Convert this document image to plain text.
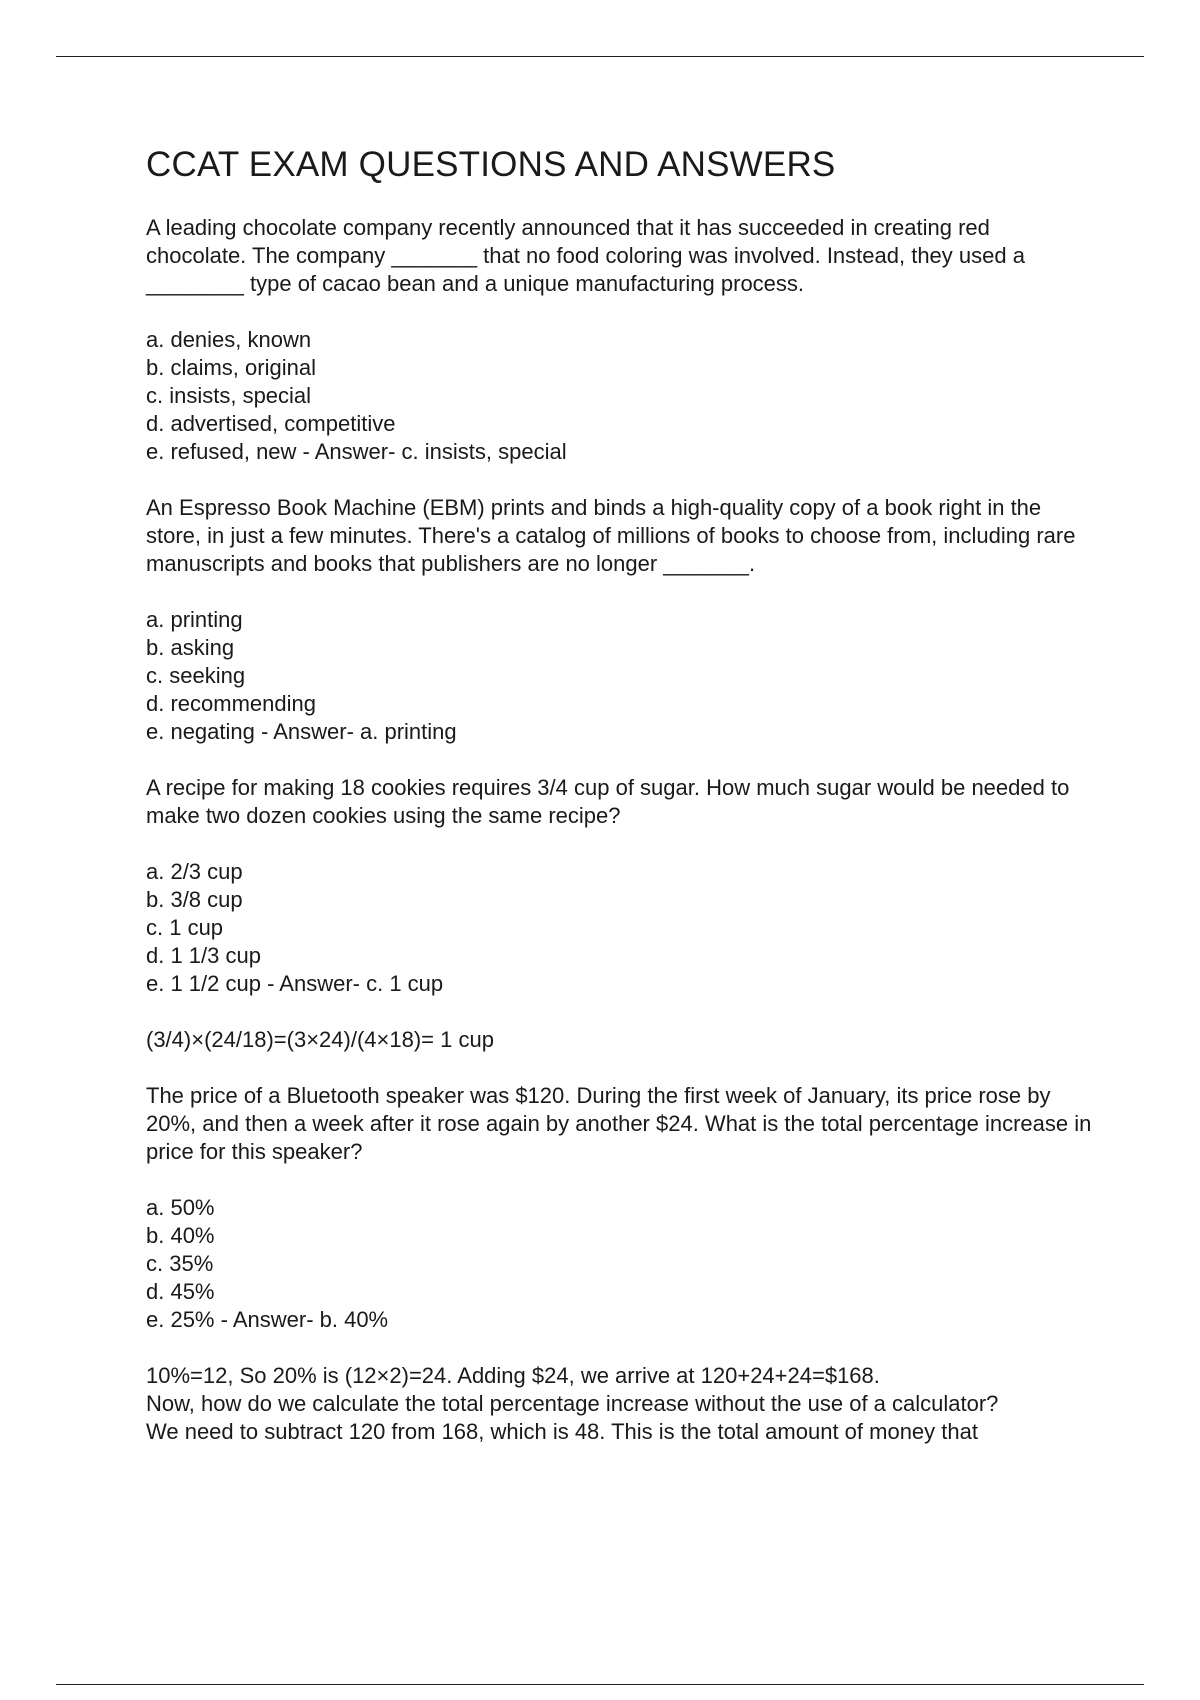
CCAT EXAM QUESTIONS AND ANSWERS

A leading chocolate company recently announced that it has succeeded in creating red chocolate. The company _______ that no food coloring was involved. Instead, they used a ________ type of cacao bean and a unique manufacturing process.

a. denies, known
b. claims, original
c. insists, special
d. advertised, competitive
e. refused, new - Answer- c. insists, special

An Espresso Book Machine (EBM) prints and binds a high-quality copy of a book right in the store, in just a few minutes. There's a catalog of millions of books to choose from, including rare manuscripts and books that publishers are no longer _______.

a. printing
b. asking
c. seeking
d. recommending
e. negating - Answer- a. printing

A recipe for making 18 cookies requires 3/4 cup of sugar. How much sugar would be needed to make two dozen cookies using the same recipe?

a. 2/3 cup
b. 3/8 cup
c. 1 cup
d. 1 1/3 cup
e. 1 1/2 cup - Answer- c. 1 cup

(3/4)×(24/18)=(3×24)/(4×18)= 1 cup

The price of a Bluetooth speaker was $120. During the first week of January, its price rose by 20%, and then a week after it rose again by another $24. What is the total percentage increase in price for this speaker?

a. 50%
b. 40%
c. 35%
d. 45%
e. 25% - Answer- b. 40%
10%=12, So 20% is (12×2)=24. Adding $24, we arrive at 120+24+24=$168.
Now, how do we calculate the total percentage increase without the use of a calculator?
We need to subtract 120 from 168, which is 48. This is the total amount of money that
